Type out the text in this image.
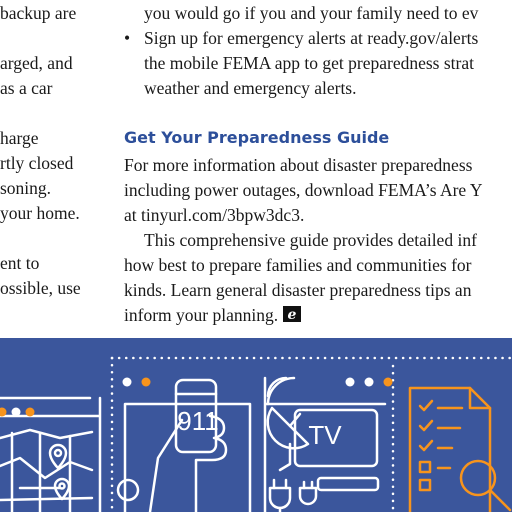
backup are
arged, and
as a car
harge
rtly closed
soning.
your home.
ent to
ossible, use
you would go if you and your family need to ev
• Sign up for emergency alerts at ready.gov/alerts
the mobile FEMA app to get preparedness strat
weather and emergency alerts.
For more information about disaster preparedness
including power outages, download FEMA’s Are Y
at tinyurl.com/3bpw3dc3.
This comprehensive guide provides detailed inf
how best to prepare families and communities for
kinds. Learn general disaster preparedness tips an
inform your planning. e
Get Your Preparedness Guide
911	TV
